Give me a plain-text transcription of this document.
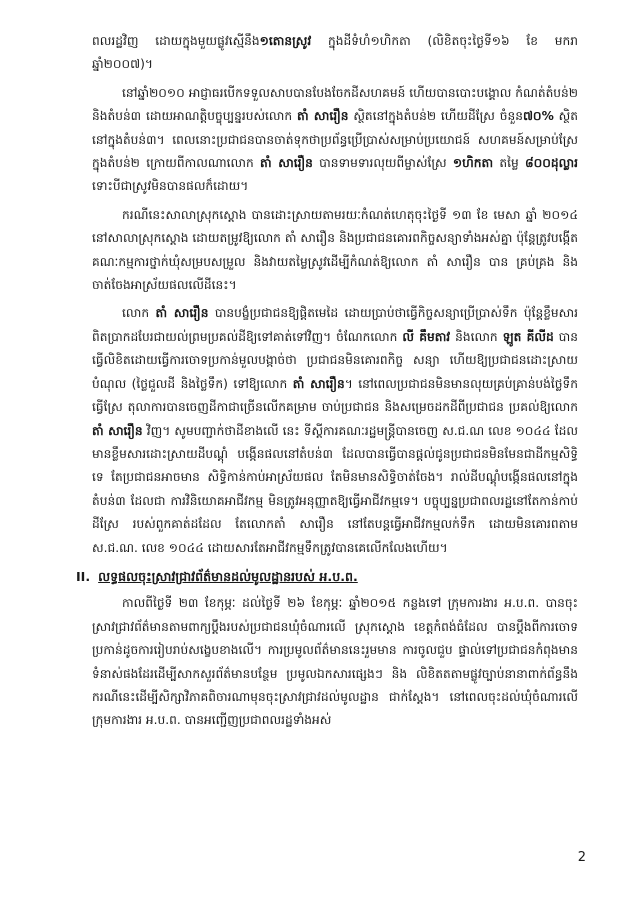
ពលរដ្ឋវិញ ដោយក្នុងមួយផ្លូវស្មើនឹង១តោនស្រូវ ក្នុងដីទំហំ១ហិកតា (លិខិតចុះថ្ងៃទី១៦ ខែ មករា ឆ្នាំ២០០៧)។

នៅឆ្នាំ២០១០ អាជ្ញាធរបើកទទួលសាបបានបែងចែកដីសហគមន៍ ហើយបានបោះបង្គោល កំណត់តំបន់២ និងតំបន់៣ ដោយអាណត្តិបច្ចុប្បន្នរបស់លោក តាំ សារឿន ស្ថិតនៅក្នុងតំបន់២ ហើយដីស្រែ ចំនួន៧០% ស្ថិតនៅក្នុងតំបន់៣។ ពេលនោះប្រជាជនបានចាត់ទុកថាប្រព័ន្ធប្រើប្រាស់សម្រាប់ប្រយោជន៍ សហគមន៍សម្រាប់ស្រែក្នុងតំបន់២ ក្រោយពីកាលណាលោក តាំ សារឿន បានទាមទារលុយពីម្ចាស់ស្រែ ១ហិកតា តម្លៃ ៨០០ដុល្លារ ទោះបីជាស្រូវមិនបានផលក៏ដោយ។

ករណីនេះសាលាស្រុកស្តោង បានដោះស្រាយតាមរយៈកំណត់ហេតុចុះថ្ងៃទី ១៣ ខែ មេសា ឆ្នាំ ២០១៤ នៅសាលាស្រុកស្តោង ដោយតម្រូវឱ្យលោក តាំ សារឿន និងប្រជាជនគោរពកិច្ចសន្យាទាំងអស់គ្នា ប៉ុន្តែត្រូវបង្កើតគណៈកម្មការថ្នាក់ឃុំសម្របសម្រួល និងវាយតម្លៃស្រូវដើម្បីកំណត់ឱ្យលោក តាំ សារឿន បាន គ្រប់គ្រង និងចាត់ចែងអាស្រ័យផលលើដីនេះ។

លោក តាំ សារឿន បានបង្ខំប្រជាជនឱ្យផ្តិតមេដៃ ដោយប្រាប់ថាធ្វើកិច្ចសន្យាប្រើប្រាស់ទឹក ប៉ុន្តែខ្លឹមសារ ពិតប្រាកដបែរជាយល់ព្រមប្រគល់ដីឱ្យទៅគាត់ទៅវិញ។ ចំណែកលោក លី គឹមតាវ និងលោក ឡូត គីលីដ បានធ្វើលិខិតដោយធ្វើការចោទប្រកាន់មួលបង្កាច់ថា ប្រជាជនមិនគោរពកិច្ច សន្យា ហើយឱ្យប្រជាជនដោះស្រាយបំណុល (ថ្លៃជួលដី និងថ្លៃទឹក) ទៅឱ្យលោក តាំ សារឿន។ នៅពេលប្រជាជនមិនមានលុយគ្រប់គ្រាន់បង់ថ្លៃទឹកធ្វើស្រែ តុលាការបានចេញដីកាជាច្រើនលើកគម្រាម ចាប់ប្រជាជន និងសម្រេចដកដីពីប្រជាជន ប្រគល់ឱ្យលោក តាំ សារឿន វិញ។ សូមបញ្ជាក់ថាដីខាងលើ នេះ ទីស្តីការគណៈរដ្ឋមន្ត្រីបានចេញ ស.ជ.ណ លេខ ១០៤៤ ដែលមានខ្លឹមសារដោះស្រាយដីបណ្តុំ បង្កើនផលនៅតំបន់៣ ដែលបានធ្វើបានផ្តល់ជូនប្រជាជនមិនមែនជាដីកម្មសិទ្ធិទេ តែប្រជាជនអាចមាន សិទ្ធិកាន់កាប់អាស្រ័យផល តែមិនមានសិទ្ធិចាត់ចែង។ រាល់ដីបណ្តុំបង្កើនផលនៅក្នុងតំបន់៣ ដែលជា ការវិនិយោគអាជីវកម្ម មិនត្រូវអនុញ្ញាតឱ្យធ្វើអាជីវកម្មទេ។ បច្ចុប្បន្នប្រជាពលរដ្ឋនៅតែកាន់កាប់ដីស្រែ របស់ពួកគាត់ដដែល តែលោកតាំ សារឿន នៅតែបន្តធ្វើអាជីវកម្មលក់ទឹក ដោយមិនគោរពតាម ស.ជ.ណ. លេខ ១០៤៤ ដោយសារតែអាជីវកម្មទឹកត្រូវបានគេលើកលែងហើយ។

II. លទ្ធផលចុះស្រាវជ្រាវព័ត៌មានដល់មូលដ្ឋានរបស់ អ.ប.ព.

កាលពីថ្ងៃទី ២៣ ខែកុម្ភៈ ដល់ថ្ងៃទី ២៦ ខែកុម្ភៈ ឆ្នាំ២០១៥ កន្លងទៅ ក្រុមការងារ អ.ប.ព. បានចុះស្រាវជ្រាវព័ត៌មានតាមពាក្យប្តឹងរបស់ប្រជាជនឃុំចំណារលើ ស្រុកស្តោង ខេត្តកំពង់ធំដែល បានប្តឹងពីការចោទប្រកាន់ដូចការរៀបរាប់សង្ខេបខាងលើ។ ការប្រមូលព័ត៌មាននេះរួមមាន ការចូលជួប ផ្ទាល់ទៅប្រជាជនកំពុងមានទំនាស់ផងដែរដើម្បីសាកសួរព័ត៌មានបន្ថែម ប្រមូលឯកសារផ្សេងៗ និង លិខិតតតាមផ្លូវច្បាប់នានាពាក់ព័ន្ធនឹងករណីនេះដើម្បីសិក្សាវិភាគពិចារណាមុនចុះស្រាវជ្រាវដល់មូលដ្ឋាន ជាក់ស្តែង។ នៅពេលចុះដល់ឃុំចំណារលើ ក្រុមការងារ អ.ប.ព. បានអញ្ជើញប្រជាពលរដ្ឋទាំងអស់

2
